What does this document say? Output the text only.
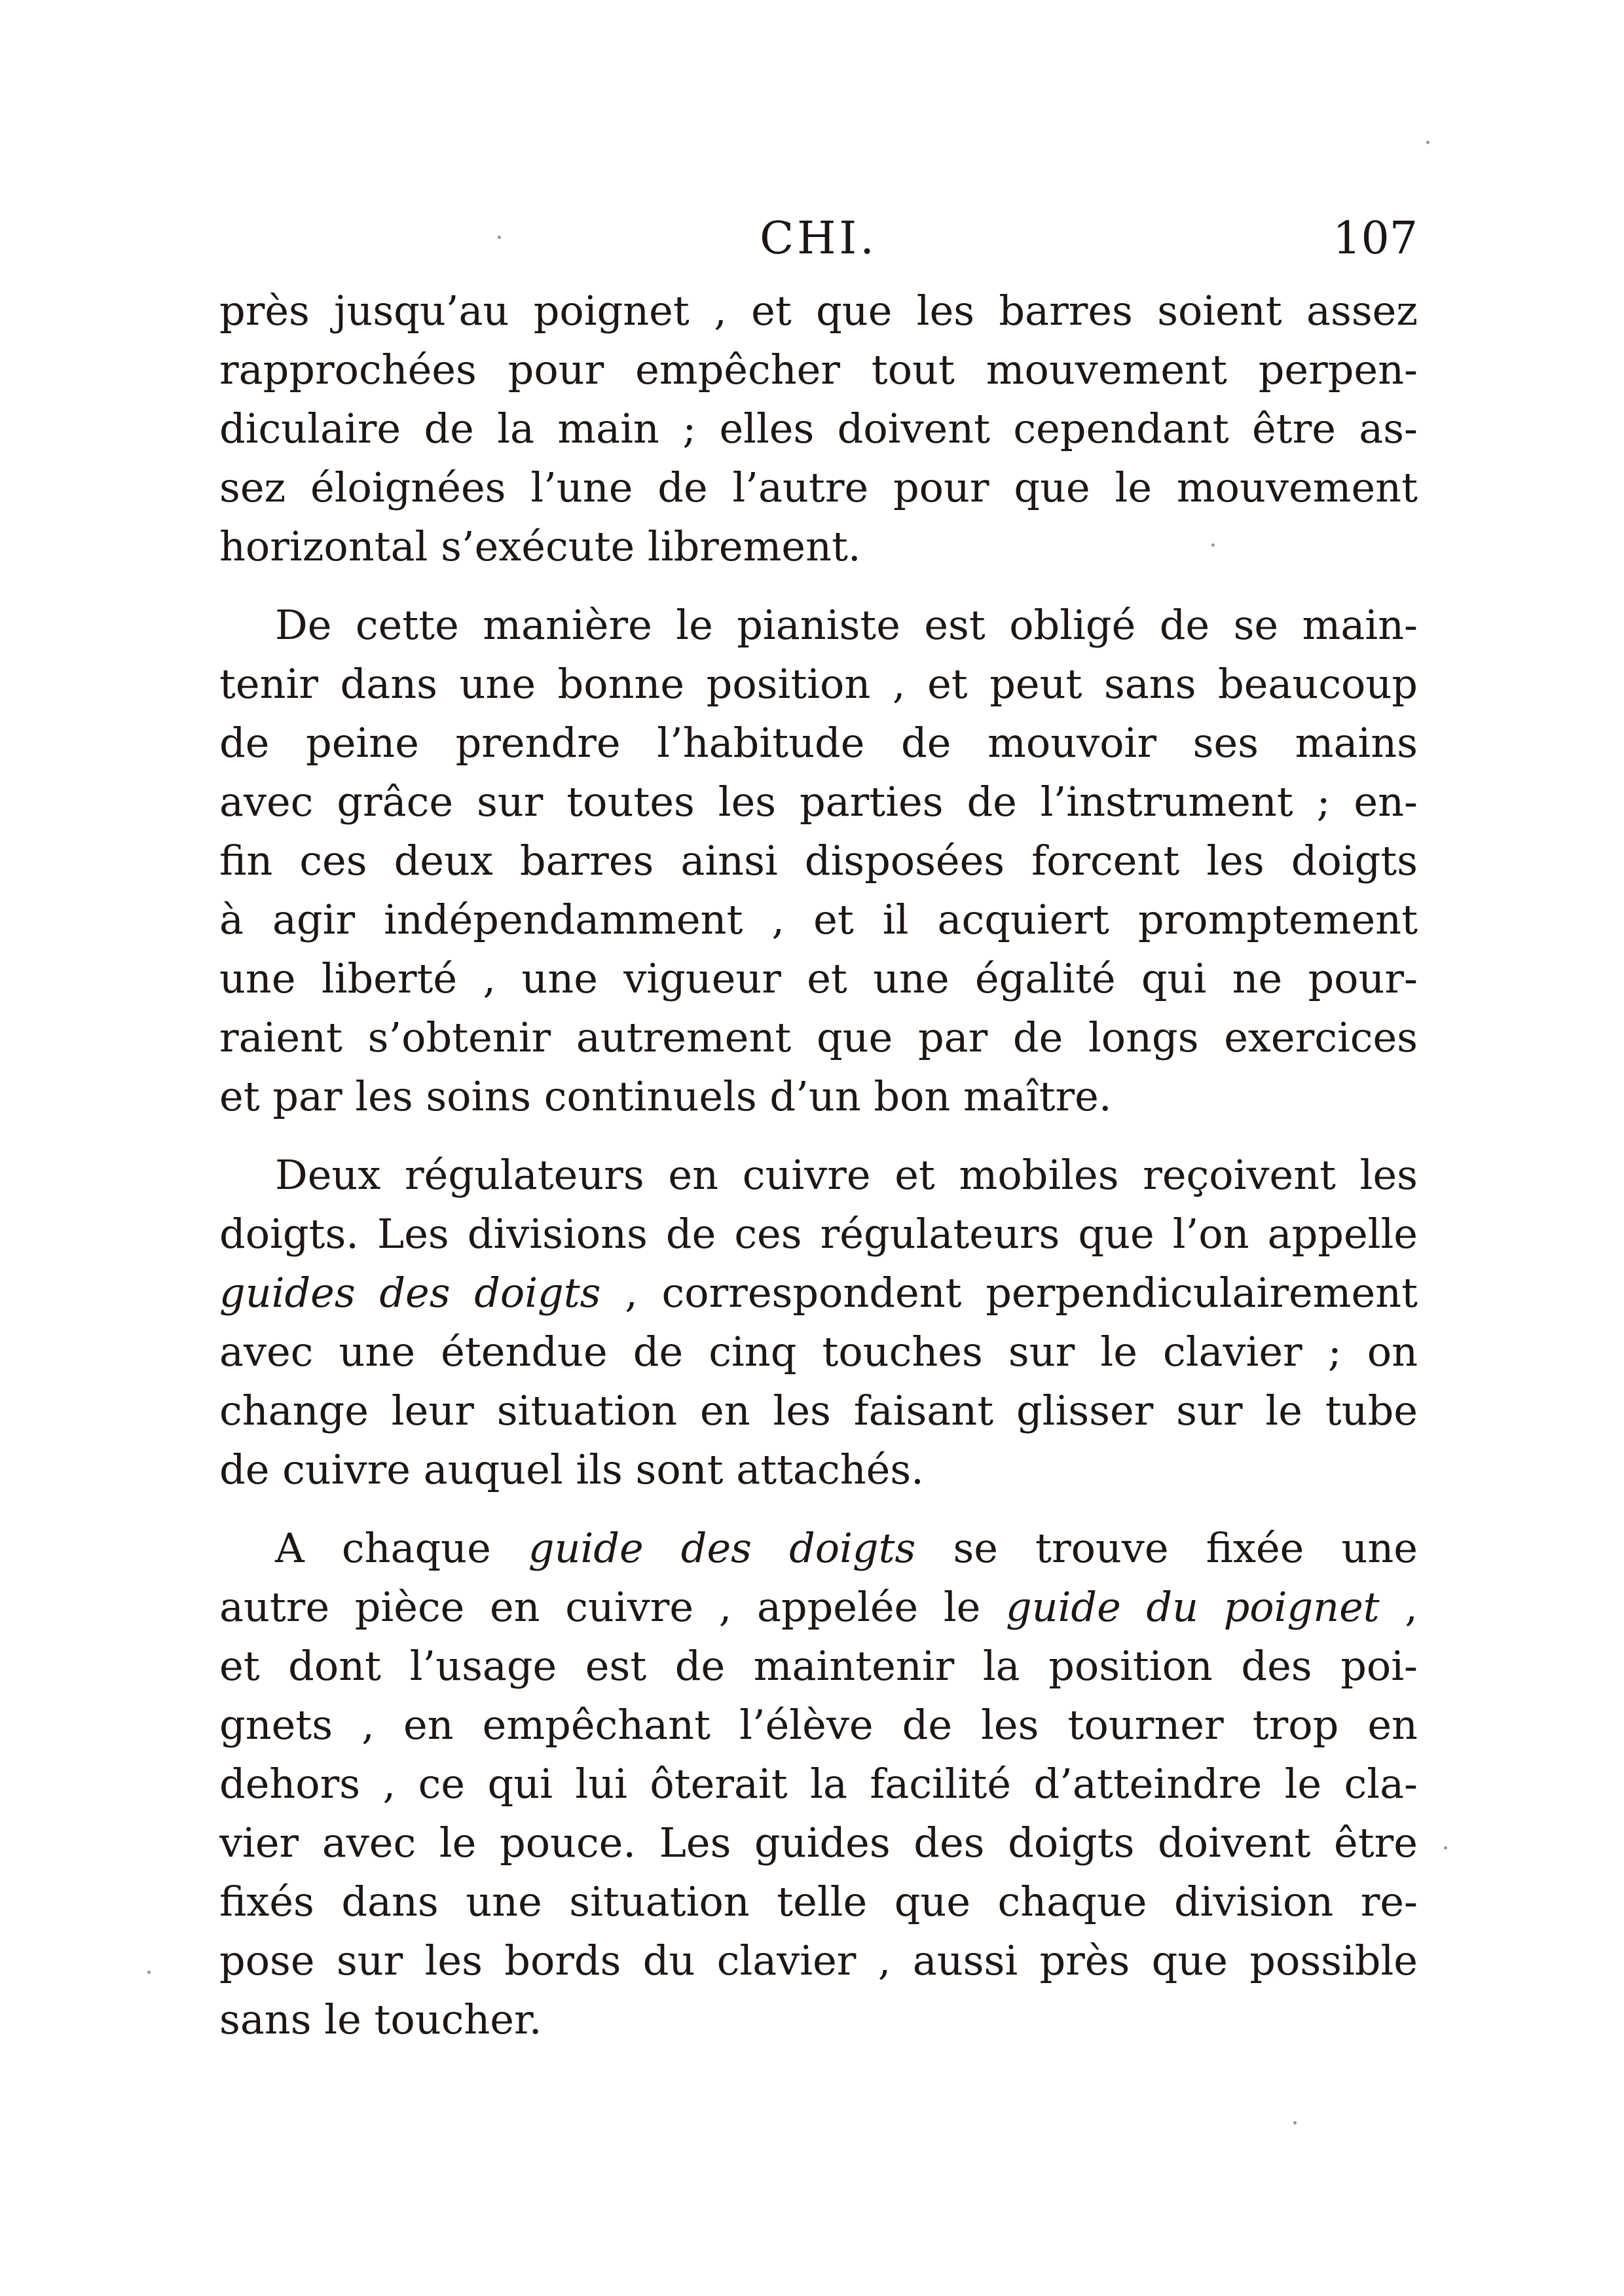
CHI.	107
près jusqu’au poignet , et que les barres soient assez
rapprochées pour empêcher tout mouvement perpen-
diculaire de la main ; elles doivent cependant être as-
sez éloignées l’une de l’autre pour que le mouvement
horizontal s’exécute librement.
De cette manière le pianiste est obligé de se main-
tenir dans une bonne position , et peut sans beaucoup
de peine prendre l’habitude de mouvoir ses mains
avec grâce sur toutes les parties de l’instrument ; en-
fin ces deux barres ainsi disposées forcent les doigts
à agir indépendamment , et il acquiert promptement
une liberté , une vigueur et une égalité qui ne pour-
raient s’obtenir autrement que par de longs exercices
et par les soins continuels d’un bon maître.
Deux régulateurs en cuivre et mobiles reçoivent les
doigts. Les divisions de ces régulateurs que l’on appelle
guides des doigts , correspondent perpendiculairement
avec une étendue de cinq touches sur le clavier ; on
change leur situation en les faisant glisser sur le tube
de cuivre auquel ils sont attachés.
A chaque guide des doigts se trouve fixée une
autre pièce en cuivre , appelée le guide du poignet ,
et dont l’usage est de maintenir la position des poi-
gnets , en empêchant l’élève de les tourner trop en
dehors , ce qui lui ôterait la facilité d’atteindre le cla-
vier avec le pouce. Les guides des doigts doivent être
fixés dans une situation telle que chaque division re-
pose sur les bords du clavier , aussi près que possible
sans le toucher.
